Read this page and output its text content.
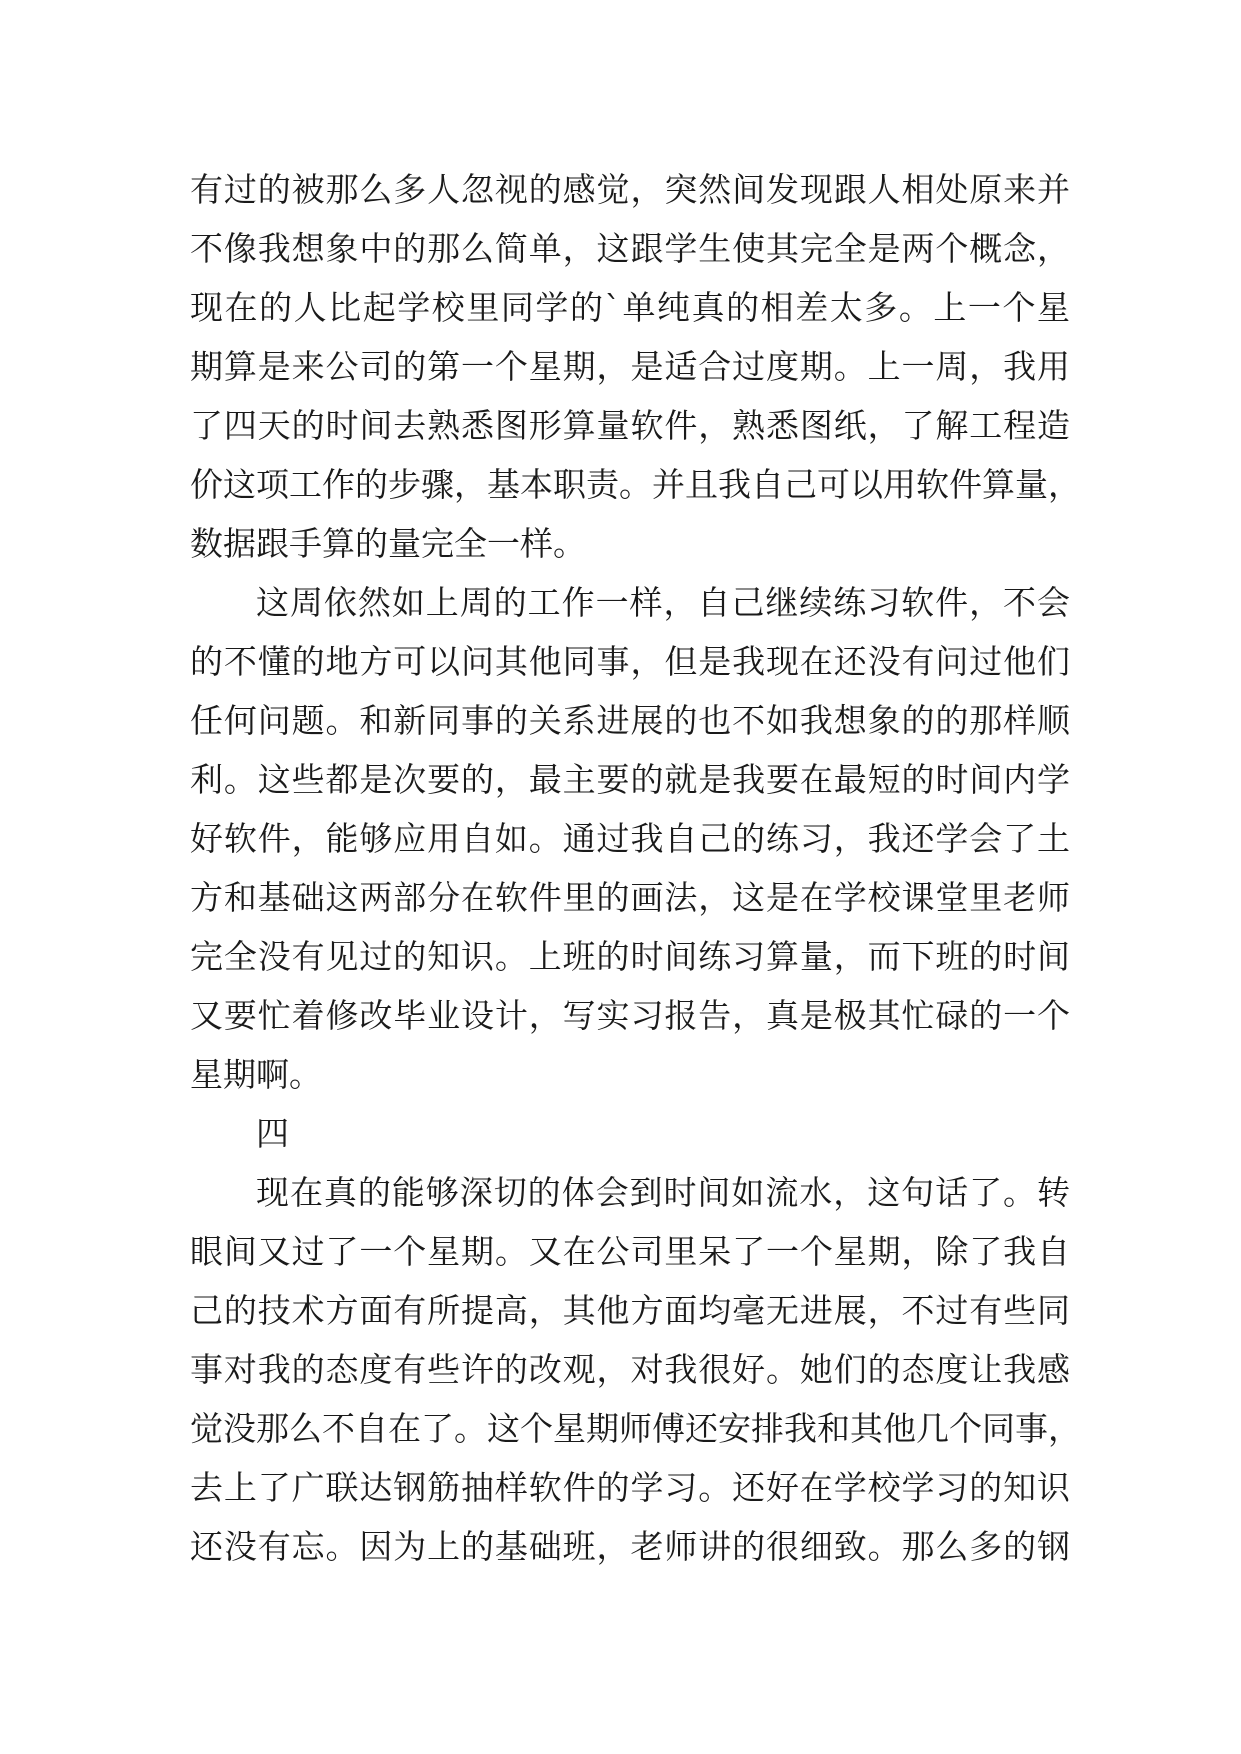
有过的被那么多人忽视的感觉，突然间发现跟人相处原来并
不像我想象中的那么简单，这跟学生使其完全是两个概念，
现在的人比起学校里同学的`单纯真的相差太多。上一个星
期算是来公司的第一个星期，是适合过度期。上一周，我用
了四天的时间去熟悉图形算量软件，熟悉图纸，了解工程造
价这项工作的步骤，基本职责。并且我自己可以用软件算量，
数据跟手算的量完全一样。
这周依然如上周的工作一样，自己继续练习软件，不会
的不懂的地方可以问其他同事，但是我现在还没有问过他们
任何问题。和新同事的关系进展的也不如我想象的的那样顺
利。这些都是次要的，最主要的就是我要在最短的时间内学
好软件，能够应用自如。通过我自己的练习，我还学会了土
方和基础这两部分在软件里的画法，这是在学校课堂里老师
完全没有见过的知识。上班的时间练习算量，而下班的时间
又要忙着修改毕业设计，写实习报告，真是极其忙碌的一个
星期啊。
四
现在真的能够深切的体会到时间如流水，这句话了。转
眼间又过了一个星期。又在公司里呆了一个星期，除了我自
己的技术方面有所提高，其他方面均毫无进展，不过有些同
事对我的态度有些许的改观，对我很好。她们的态度让我感
觉没那么不自在了。这个星期师傅还安排我和其他几个同事，
去上了广联达钢筋抽样软件的学习。还好在学校学习的知识
还没有忘。因为上的基础班，老师讲的很细致。那么多的钢
